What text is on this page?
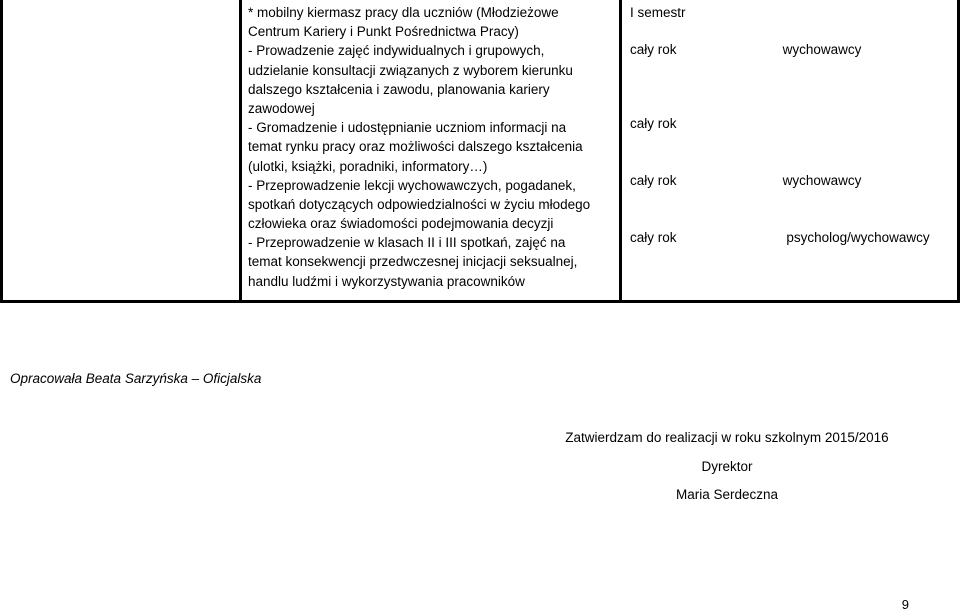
* mobilny kiermasz pracy dla uczniów (Młodzieżowe
Centrum Kariery i Punkt Pośrednictwa Pracy)
- Prowadzenie zajęć indywidualnych i grupowych,
udzielanie konsultacji związanych z wyborem kierunku
dalszego kształcenia i zawodu, planowania kariery
zawodowej
- Gromadzenie i udostępnianie uczniom informacji na
temat rynku pracy oraz możliwości dalszego kształcenia
(ulotki, książki, poradniki, informatory…)
- Przeprowadzenie lekcji wychowawczych, pogadanek,
spotkań dotyczących odpowiedzialności w życiu młodego
człowieka oraz świadomości podejmowania decyzji
- Przeprowadzenie w klasach II i III spotkań, zajęć na
temat konsekwencji przedwczesnej inicjacji seksualnej,
handlu ludźmi i wykorzystywania pracowników
I semestr
cały rok
cały rok
cały rok
cały rok
wychowawcy
wychowawcy
psycholog/wychowawcy
Opracowała Beata Sarzyńska – Oficjalska
Zatwierdzam do realizacji w roku szkolnym 2015/2016
Dyrektor
Maria Serdeczna
9
